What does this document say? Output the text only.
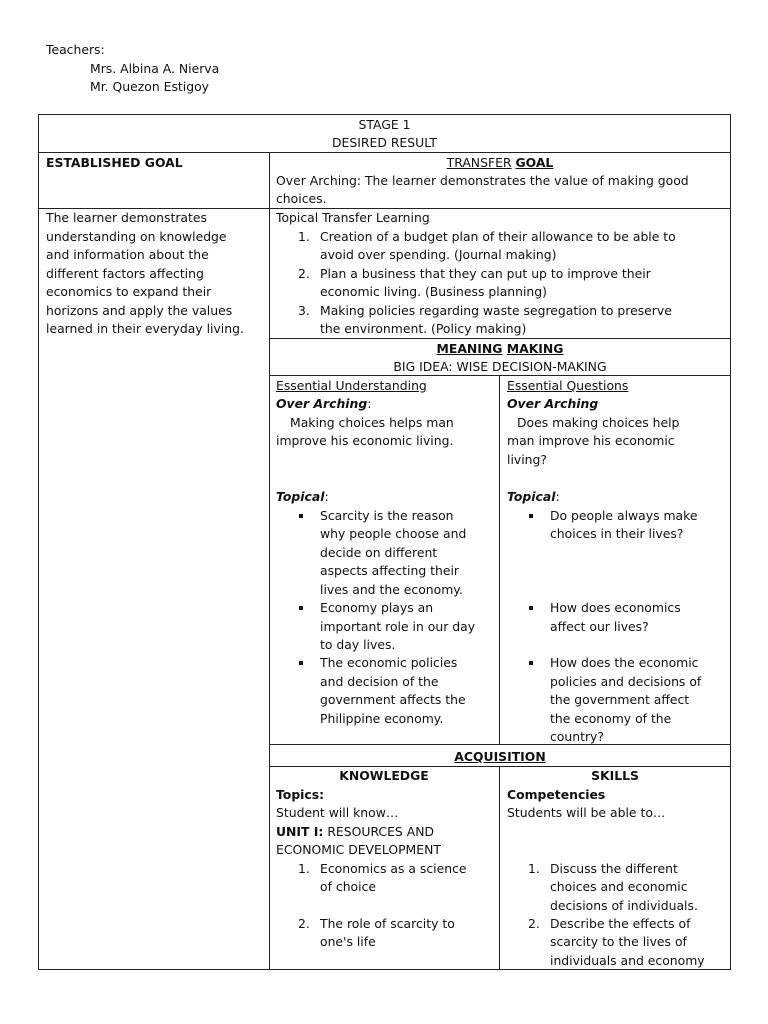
Teachers:
Mrs. Albina A. Nierva
Mr. Quezon Estigoy
STAGE 1
DESIRED RESULT
ESTABLISHED GOAL
The learner demonstrates
understanding on knowledge
and information about the
different factors affecting
economics to expand their
horizons and apply the values
learned in their everyday living.
TRANSFER GOAL
Over Arching: The learner demonstrates the value of making good
choices.
Topical Transfer Learning
1. Creation of a budget plan of their allowance to be able to
avoid over spending. (Journal making)
2. Plan a business that they can put up to improve their
economic living. (Business planning)
3. Making policies regarding waste segregation to preserve
the environment. (Policy making)
MEANING MAKING
BIG IDEA: WISE DECISION-MAKING
Essential Understanding
Over Arching:
Making choices helps man
improve his economic living.
Topical:
Scarcity is the reason
why people choose and
decide on different
aspects affecting their
lives and the economy.
Economy plays an
important role in our day
to day lives.
The economic policies
and decision of the
government affects the
Philippine economy.
Essential Questions
Over Arching
Does making choices help
man improve his economic
living?
Topical:
Do people always make
choices in their lives?
How does economics
affect our lives?
How does the economic
policies and decisions of
the government affect
the economy of the
country?
ACQUISITION
KNOWLEDGE
Topics:
Student will know…
UNIT I: RESOURCES AND
ECONOMIC DEVELOPMENT
1. Economics as a science
of choice
2. The role of scarcity to
one's life
SKILLS
Competencies
Students will be able to…
1. Discuss the different
choices and economic
decisions of individuals.
2. Describe the effects of
scarcity to the lives of
individuals and economy
